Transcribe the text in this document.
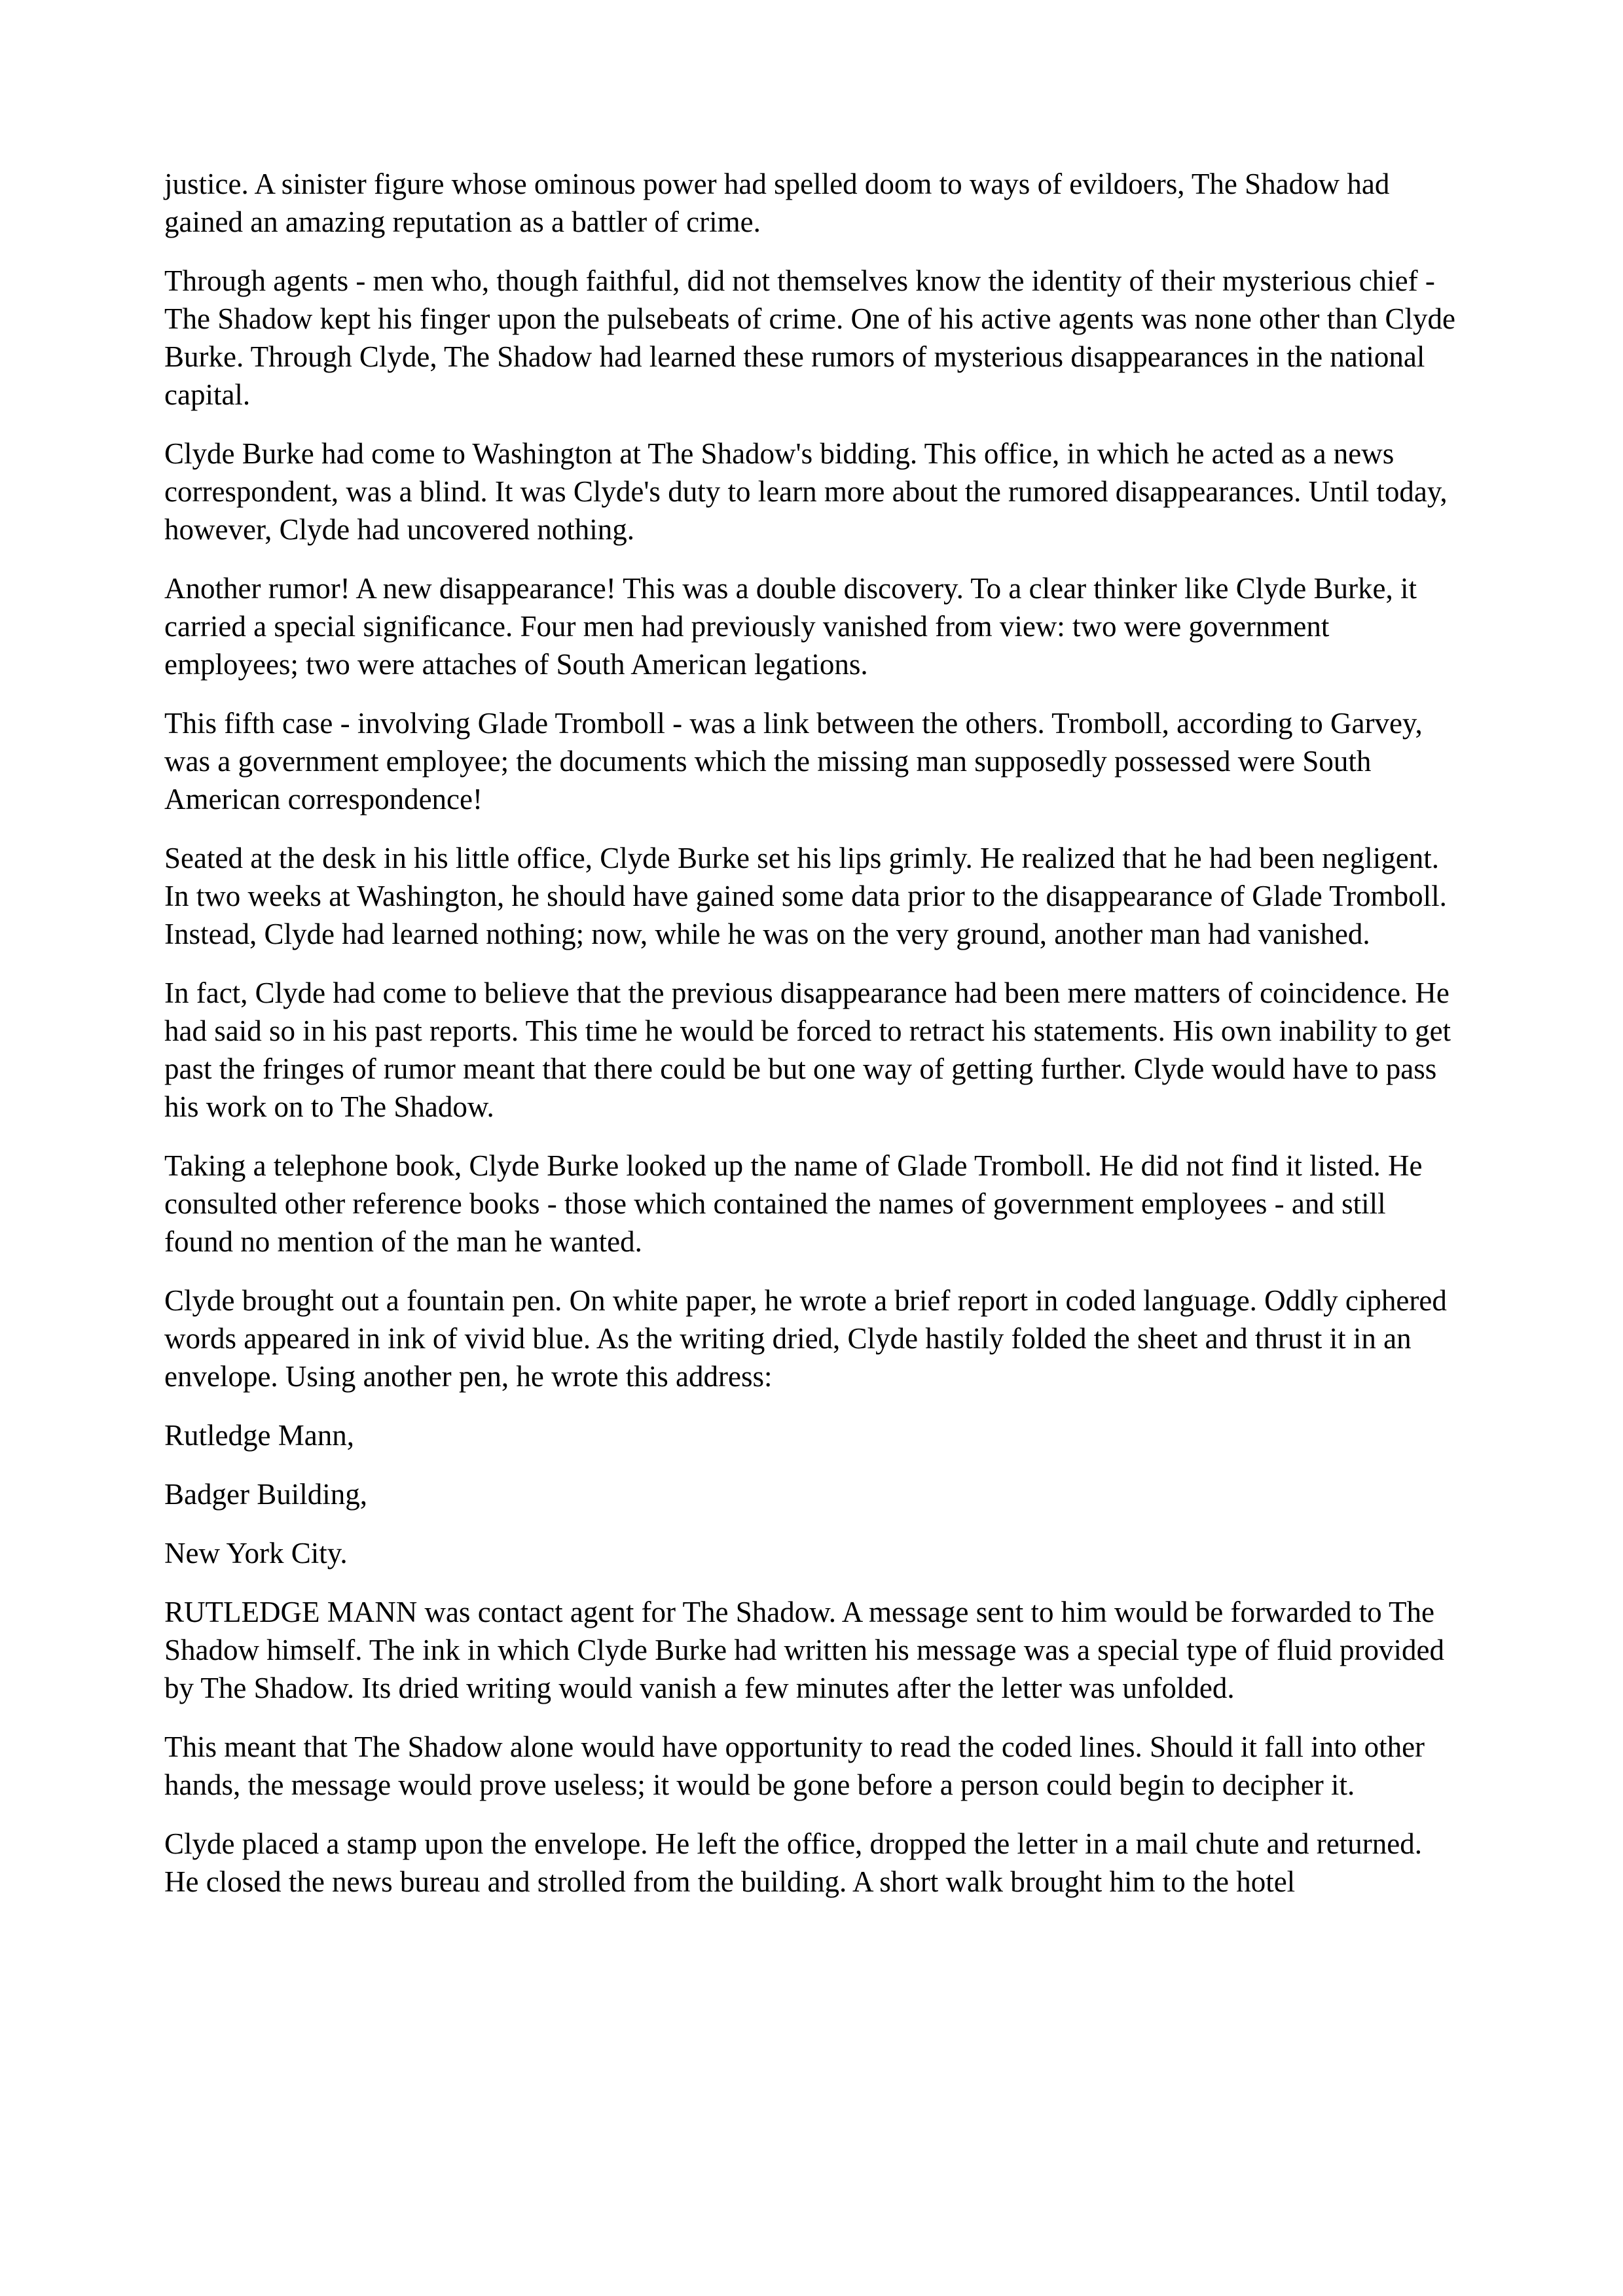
justice. A sinister figure whose ominous power had spelled doom to ways of evildoers, The Shadow had gained an amazing reputation as a battler of crime.

Through agents - men who, though faithful, did not themselves know the identity of their mysterious chief - The Shadow kept his finger upon the pulsebeats of crime. One of his active agents was none other than Clyde Burke. Through Clyde, The Shadow had learned these rumors of mysterious disappearances in the national capital.

Clyde Burke had come to Washington at The Shadow's bidding. This office, in which he acted as a news correspondent, was a blind. It was Clyde's duty to learn more about the rumored disappearances. Until today, however, Clyde had uncovered nothing.

Another rumor! A new disappearance! This was a double discovery. To a clear thinker like Clyde Burke, it carried a special significance. Four men had previously vanished from view: two were government employees; two were attaches of South American legations.

This fifth case - involving Glade Tromboll - was a link between the others. Tromboll, according to Garvey, was a government employee; the documents which the missing man supposedly possessed were South American correspondence!

Seated at the desk in his little office, Clyde Burke set his lips grimly. He realized that he had been negligent. In two weeks at Washington, he should have gained some data prior to the disappearance of Glade Tromboll. Instead, Clyde had learned nothing; now, while he was on the very ground, another man had vanished.

In fact, Clyde had come to believe that the previous disappearance had been mere matters of coincidence. He had said so in his past reports. This time he would be forced to retract his statements. His own inability to get past the fringes of rumor meant that there could be but one way of getting further. Clyde would have to pass his work on to The Shadow.

Taking a telephone book, Clyde Burke looked up the name of Glade Tromboll. He did not find it listed. He consulted other reference books - those which contained the names of government employees - and still found no mention of the man he wanted.

Clyde brought out a fountain pen. On white paper, he wrote a brief report in coded language. Oddly ciphered words appeared in ink of vivid blue. As the writing dried, Clyde hastily folded the sheet and thrust it in an envelope. Using another pen, he wrote this address:

Rutledge Mann,

Badger Building,

New York City.

RUTLEDGE MANN was contact agent for The Shadow. A message sent to him would be forwarded to The Shadow himself. The ink in which Clyde Burke had written his message was a special type of fluid provided by The Shadow. Its dried writing would vanish a few minutes after the letter was unfolded.

This meant that The Shadow alone would have opportunity to read the coded lines. Should it fall into other hands, the message would prove useless; it would be gone before a person could begin to decipher it.

Clyde placed a stamp upon the envelope. He left the office, dropped the letter in a mail chute and returned. He closed the news bureau and strolled from the building. A short walk brought him to the hotel
